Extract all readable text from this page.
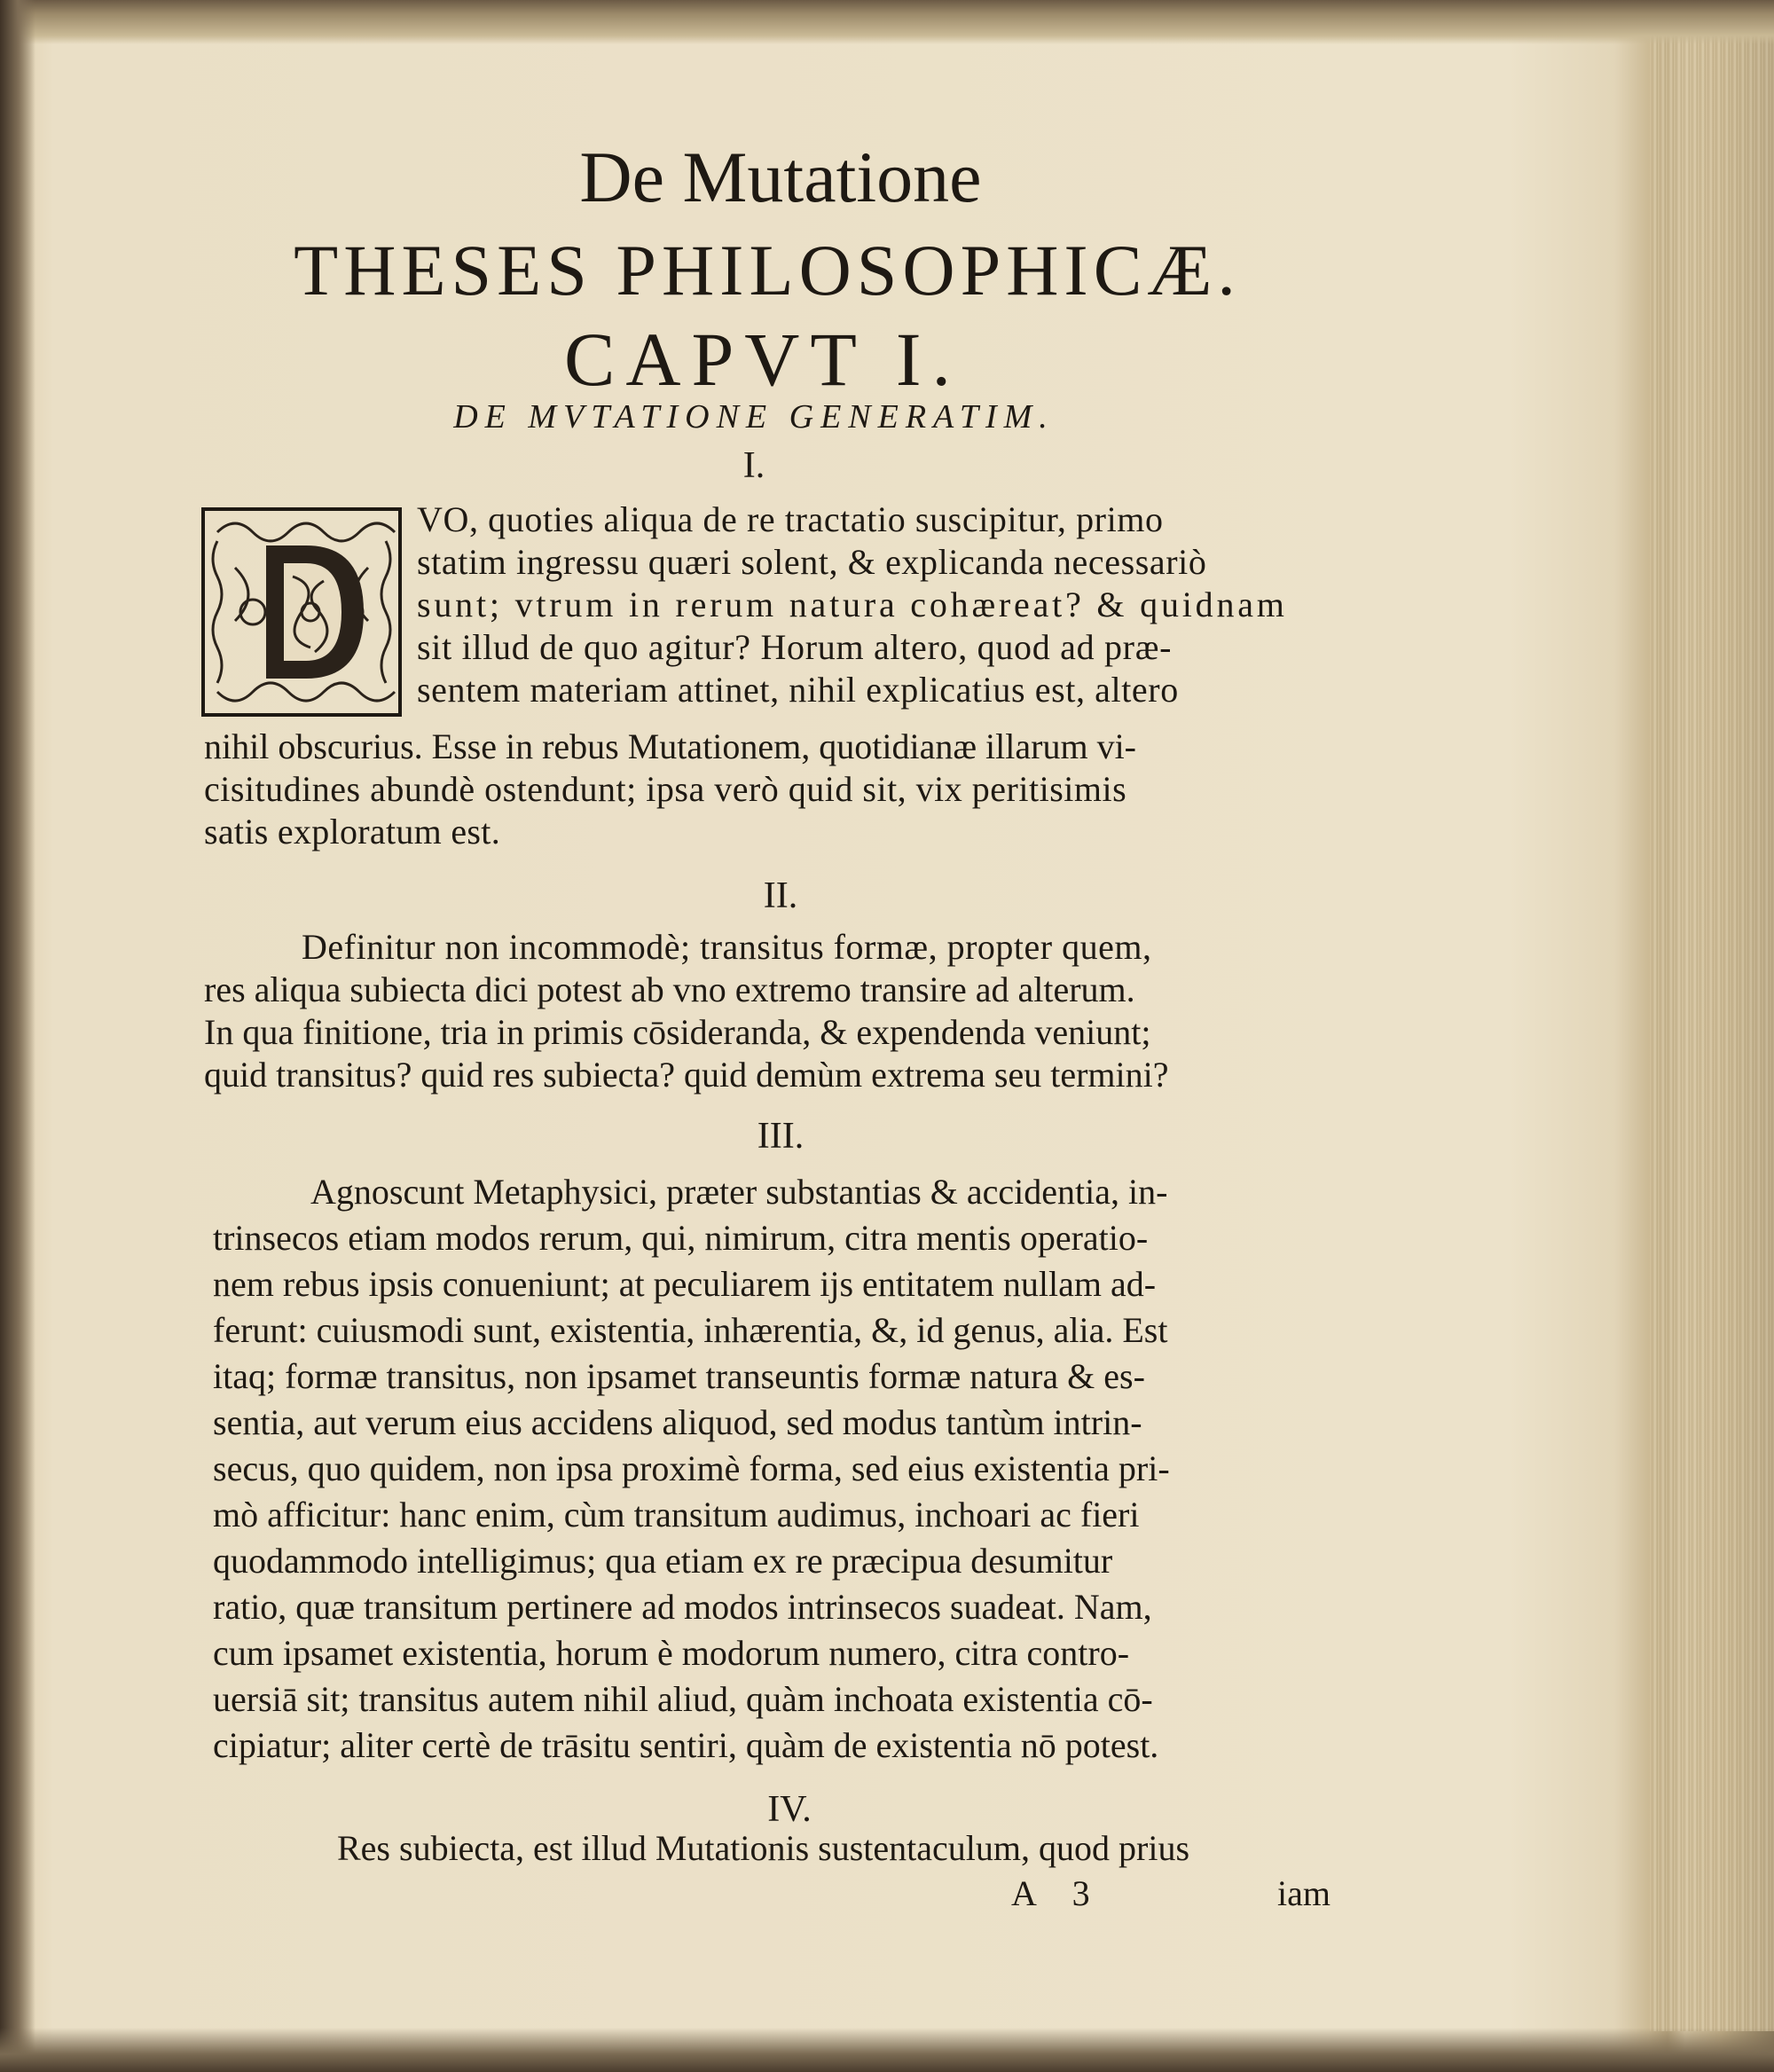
De Mutatione
THESES PHILOSOPHICÆ.
CAPVT I.
DE MVTATIONE GENERATIM.
I.
VO, quoties aliqua de re tractatio suscipitur, primo
statim ingressu quæri solent, & explicanda necessariò
sunt; vtrum in rerum natura cohæreat? & quidnam
sit illud de quo agitur? Horum altero, quod ad præ-
sentem materiam attinet, nihil explicatius est, altero
nihil obscurius. Esse in rebus Mutationem, quotidianæ illarum vi-
cisitudines abundè ostendunt; ipsa verò quid sit, vix peritisimis
satis exploratum est.
II.
Definitur non incommodè; transitus formæ, propter quem,
res aliqua subiecta dici potest ab vno extremo transire ad alterum.
In qua finitione, tria in primis cōsideranda, & expendenda veniunt;
quid transitus? quid res subiecta? quid demùm extrema seu termini?
III.
Agnoscunt Metaphysici, præter substantias & accidentia, in-
trinsecos etiam modos rerum, qui, nimirum, citra mentis operatio-
nem rebus ipsis conueniunt; at peculiarem ijs entitatem nullam ad-
ferunt: cuiusmodi sunt, existentia, inhærentia, &, id genus, alia. Est
itaq; formæ transitus, non ipsamet transeuntis formæ natura & es-
sentia, aut verum eius accidens aliquod, sed modus tantùm intrin-
secus, quo quidem, non ipsa proximè forma, sed eius existentia pri-
mò afficitur: hanc enim, cùm transitum audimus, inchoari ac fieri
quodammodo intelligimus; qua etiam ex re præcipua desumitur
ratio, quæ transitum pertinere ad modos intrinsecos suadeat. Nam,
cum ipsamet existentia, horum è modorum numero, citra contro-
uersiā sit; transitus autem nihil aliud, quàm inchoata existentia cō-
cipiatur; aliter certè de trāsitu sentiri, quàm de existentia nō potest.
IV.
Res subiecta, est illud Mutationis sustentaculum, quod prius
A 3	iam
